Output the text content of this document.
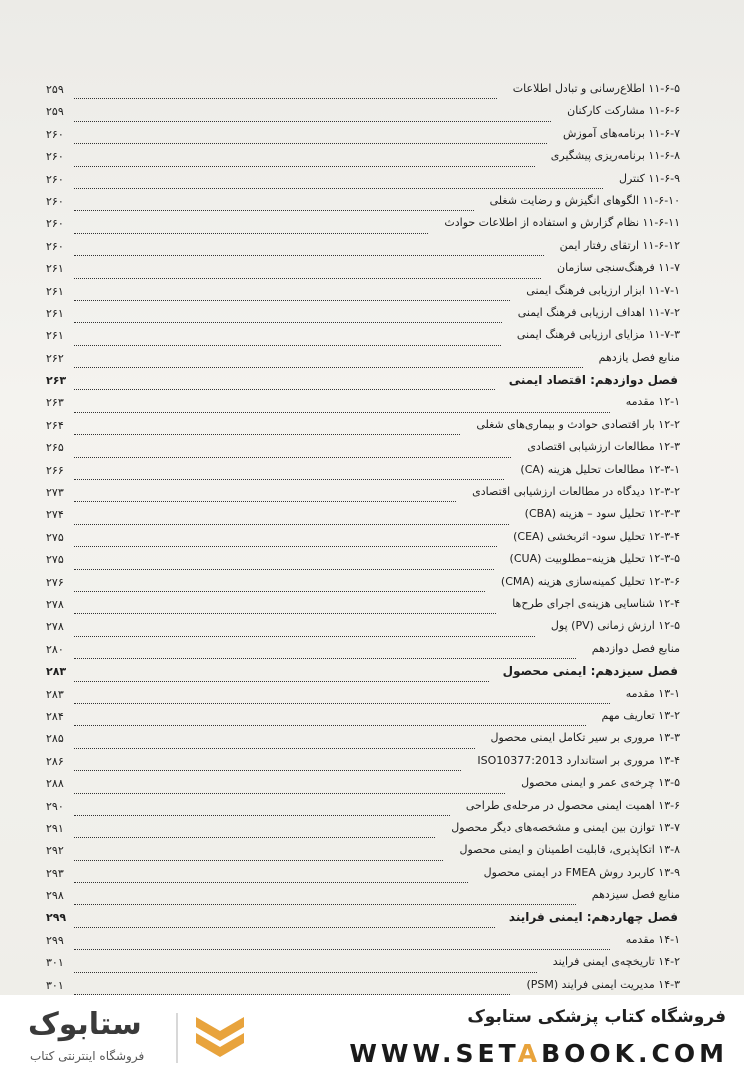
۱۱-۶-۵ اطلاع‌رسانی و تبادل اطلاعات
۲۵۹
۱۱-۶-۶ مشارکت کارکنان
۲۵۹
۱۱-۶-۷ برنامه‌های آموزش
۲۶۰
۱۱-۶-۸ برنامه‌ریزی پیشگیری
۲۶۰
۱۱-۶-۹ کنترل
۲۶۰
۱۱-۶-۱۰ الگوهای انگیزش و رضایت شغلی
۲۶۰
۱۱-۶-۱۱ نظام گزارش و استفاده از اطلاعات حوادث
۲۶۰
۱۱-۶-۱۲ ارتقای رفتار ایمن
۲۶۰
۱۱-۷ فرهنگ‌سنجی سازمان
۲۶۱
۱۱-۷-۱ ابزار ارزیابی فرهنگ ایمنی
۲۶۱
۱۱-۷-۲ اهداف ارزیابی فرهنگ ایمنی
۲۶۱
۱۱-۷-۳ مزایای ارزیابی فرهنگ ایمنی
۲۶۱
منابع فصل یازدهم
۲۶۲
فصل دوازدهم: اقتصاد ایمنی
۲۶۳
۱۲-۱ مقدمه
۲۶۳
۱۲-۲ بار اقتصادی حوادث و بیماری‌های شغلی
۲۶۴
۱۲-۳ مطالعات ارزشیابی اقتصادی
۲۶۵
۱۲-۳-۱ مطالعات تحلیل هزینه (CA)
۲۶۶
۱۲-۳-۲ دیدگاه در مطالعات ارزشیابی اقتصادی
۲۷۳
۱۲-۳-۳ تحلیل سود – هزینه (CBA)
۲۷۴
۱۲-۳-۴ تحلیل سود- اثربخشی (CEA)
۲۷۵
۱۲-۳-۵ تحلیل هزینه–مطلوبیت (CUA)
۲۷۵
۱۲-۳-۶ تحلیل کمینه‌سازی هزینه (CMA)
۲۷۶
۱۲-۴ شناسایی هزینه‌ی اجرای طرح‌ها
۲۷۸
۱۲-۵ ارزش زمانی (PV) پول
۲۷۸
منابع فصل دوازدهم
۲۸۰
فصل سیزدهم: ایمنی محصول
۲۸۳
۱۳-۱ مقدمه
۲۸۳
۱۳-۲ تعاریف مهم
۲۸۴
۱۳-۳ مروری بر سیر تکامل ایمنی محصول
۲۸۵
۱۳-۴ مروری بر استاندارد ISO10377:2013
۲۸۶
۱۳-۵ چرخه‌ی عمر و ایمنی محصول
۲۸۸
۱۳-۶ اهمیت ایمنی محصول در مرحله‌ی طراحی
۲۹۰
۱۳-۷ توازن بین ایمنی و مشخصه‌های دیگر محصول
۲۹۱
۱۳-۸ اتکاپذیری، قابلیت اطمینان و ایمنی محصول
۲۹۲
۱۳-۹ کاربرد روش FMEA در ایمنی محصول
۲۹۳
منابع فصل سیزدهم
۲۹۸
فصل چهاردهم: ایمنی فرایند
۲۹۹
۱۴-۱ مقدمه
۲۹۹
۱۴-۲ تاریخچه‌ی ایمنی فرایند
۳۰۱
۱۴-۳ مدیریت ایمنی فرایند (PSM)
۳۰۱
ستابوک
فروشگاه اینترنتی کتاب
فروشگاه کتاب پزشکی ستابوک
WWW.SETABOOK.COM
